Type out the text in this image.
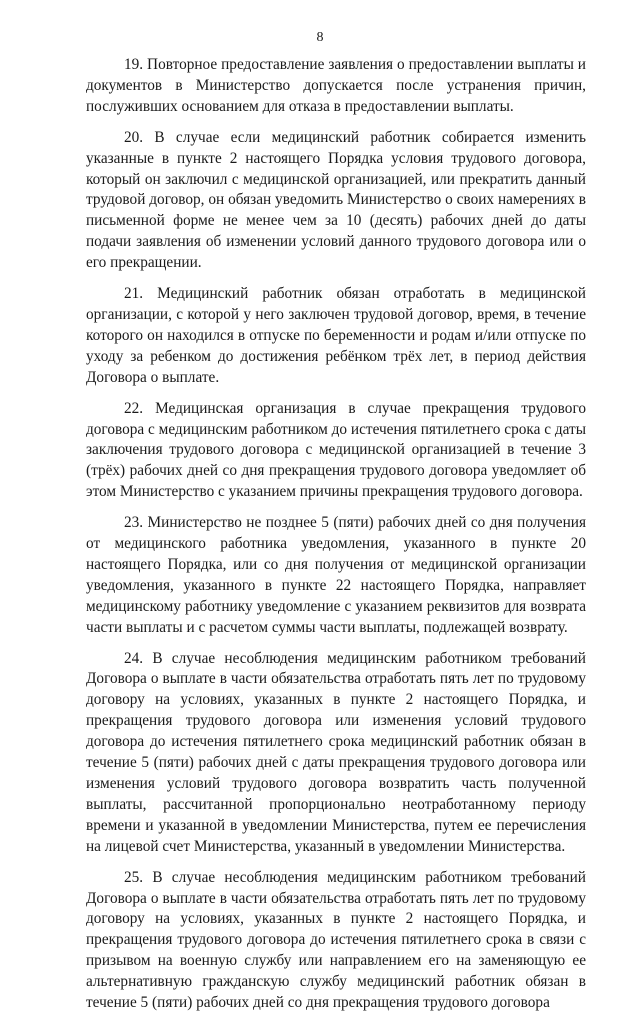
8

19. Повторное предоставление заявления о предоставлении выплаты и документов в Министерство допускается после устранения причин, послуживших основанием для отказа в предоставлении выплаты.

20. В случае если медицинский работник собирается изменить указанные в пункте 2 настоящего Порядка условия трудового договора, который он заключил с медицинской организацией, или прекратить данный трудовой договор, он обязан уведомить Министерство о своих намерениях в письменной форме не менее чем за 10 (десять) рабочих дней до даты подачи заявления об изменении условий данного трудового договора или о его прекращении.

21. Медицинский работник обязан отработать в медицинской организации, с которой у него заключен трудовой договор, время, в течение которого он находился в отпуске по беременности и родам и/или отпуске по уходу за ребенком до достижения ребёнком трёх лет, в период действия Договора о выплате.

22. Медицинская организация в случае прекращения трудового договора с медицинским работником до истечения пятилетнего срока с даты заключения трудового договора с медицинской организацией в течение 3 (трёх) рабочих дней со дня прекращения трудового договора уведомляет об этом Министерство с указанием причины прекращения трудового договора.

23. Министерство не позднее 5 (пяти) рабочих дней со дня получения от медицинского работника уведомления, указанного в пункте 20 настоящего Порядка, или со дня получения от медицинской организации уведомления, указанного в пункте 22 настоящего Порядка, направляет медицинскому работнику уведомление с указанием реквизитов для возврата части выплаты и с расчетом суммы части выплаты, подлежащей возврату.

24. В случае несоблюдения медицинским работником требований Договора о выплате в части обязательства отработать пять лет по трудовому договору на условиях, указанных в пункте 2 настоящего Порядка, и прекращения трудового договора или изменения условий трудового договора до истечения пятилетнего срока медицинский работник обязан в течение 5 (пяти) рабочих дней с даты прекращения трудового договора или изменения условий трудового договора возвратить часть полученной выплаты, рассчитанной пропорционально неотработанному периоду времени и указанной в уведомлении Министерства, путем ее перечисления на лицевой счет Министерства, указанный в уведомлении Министерства.

25. В случае несоблюдения медицинским работником требований Договора о выплате в части обязательства отработать пять лет по трудовому договору на условиях, указанных в пункте 2 настоящего Порядка, и прекращения трудового договора до истечения пятилетнего срока в связи с призывом на военную службу или направлением его на заменяющую ее альтернативную гражданскую службу медицинский работник обязан в течение 5 (пяти) рабочих дней со дня прекращения трудового договора
